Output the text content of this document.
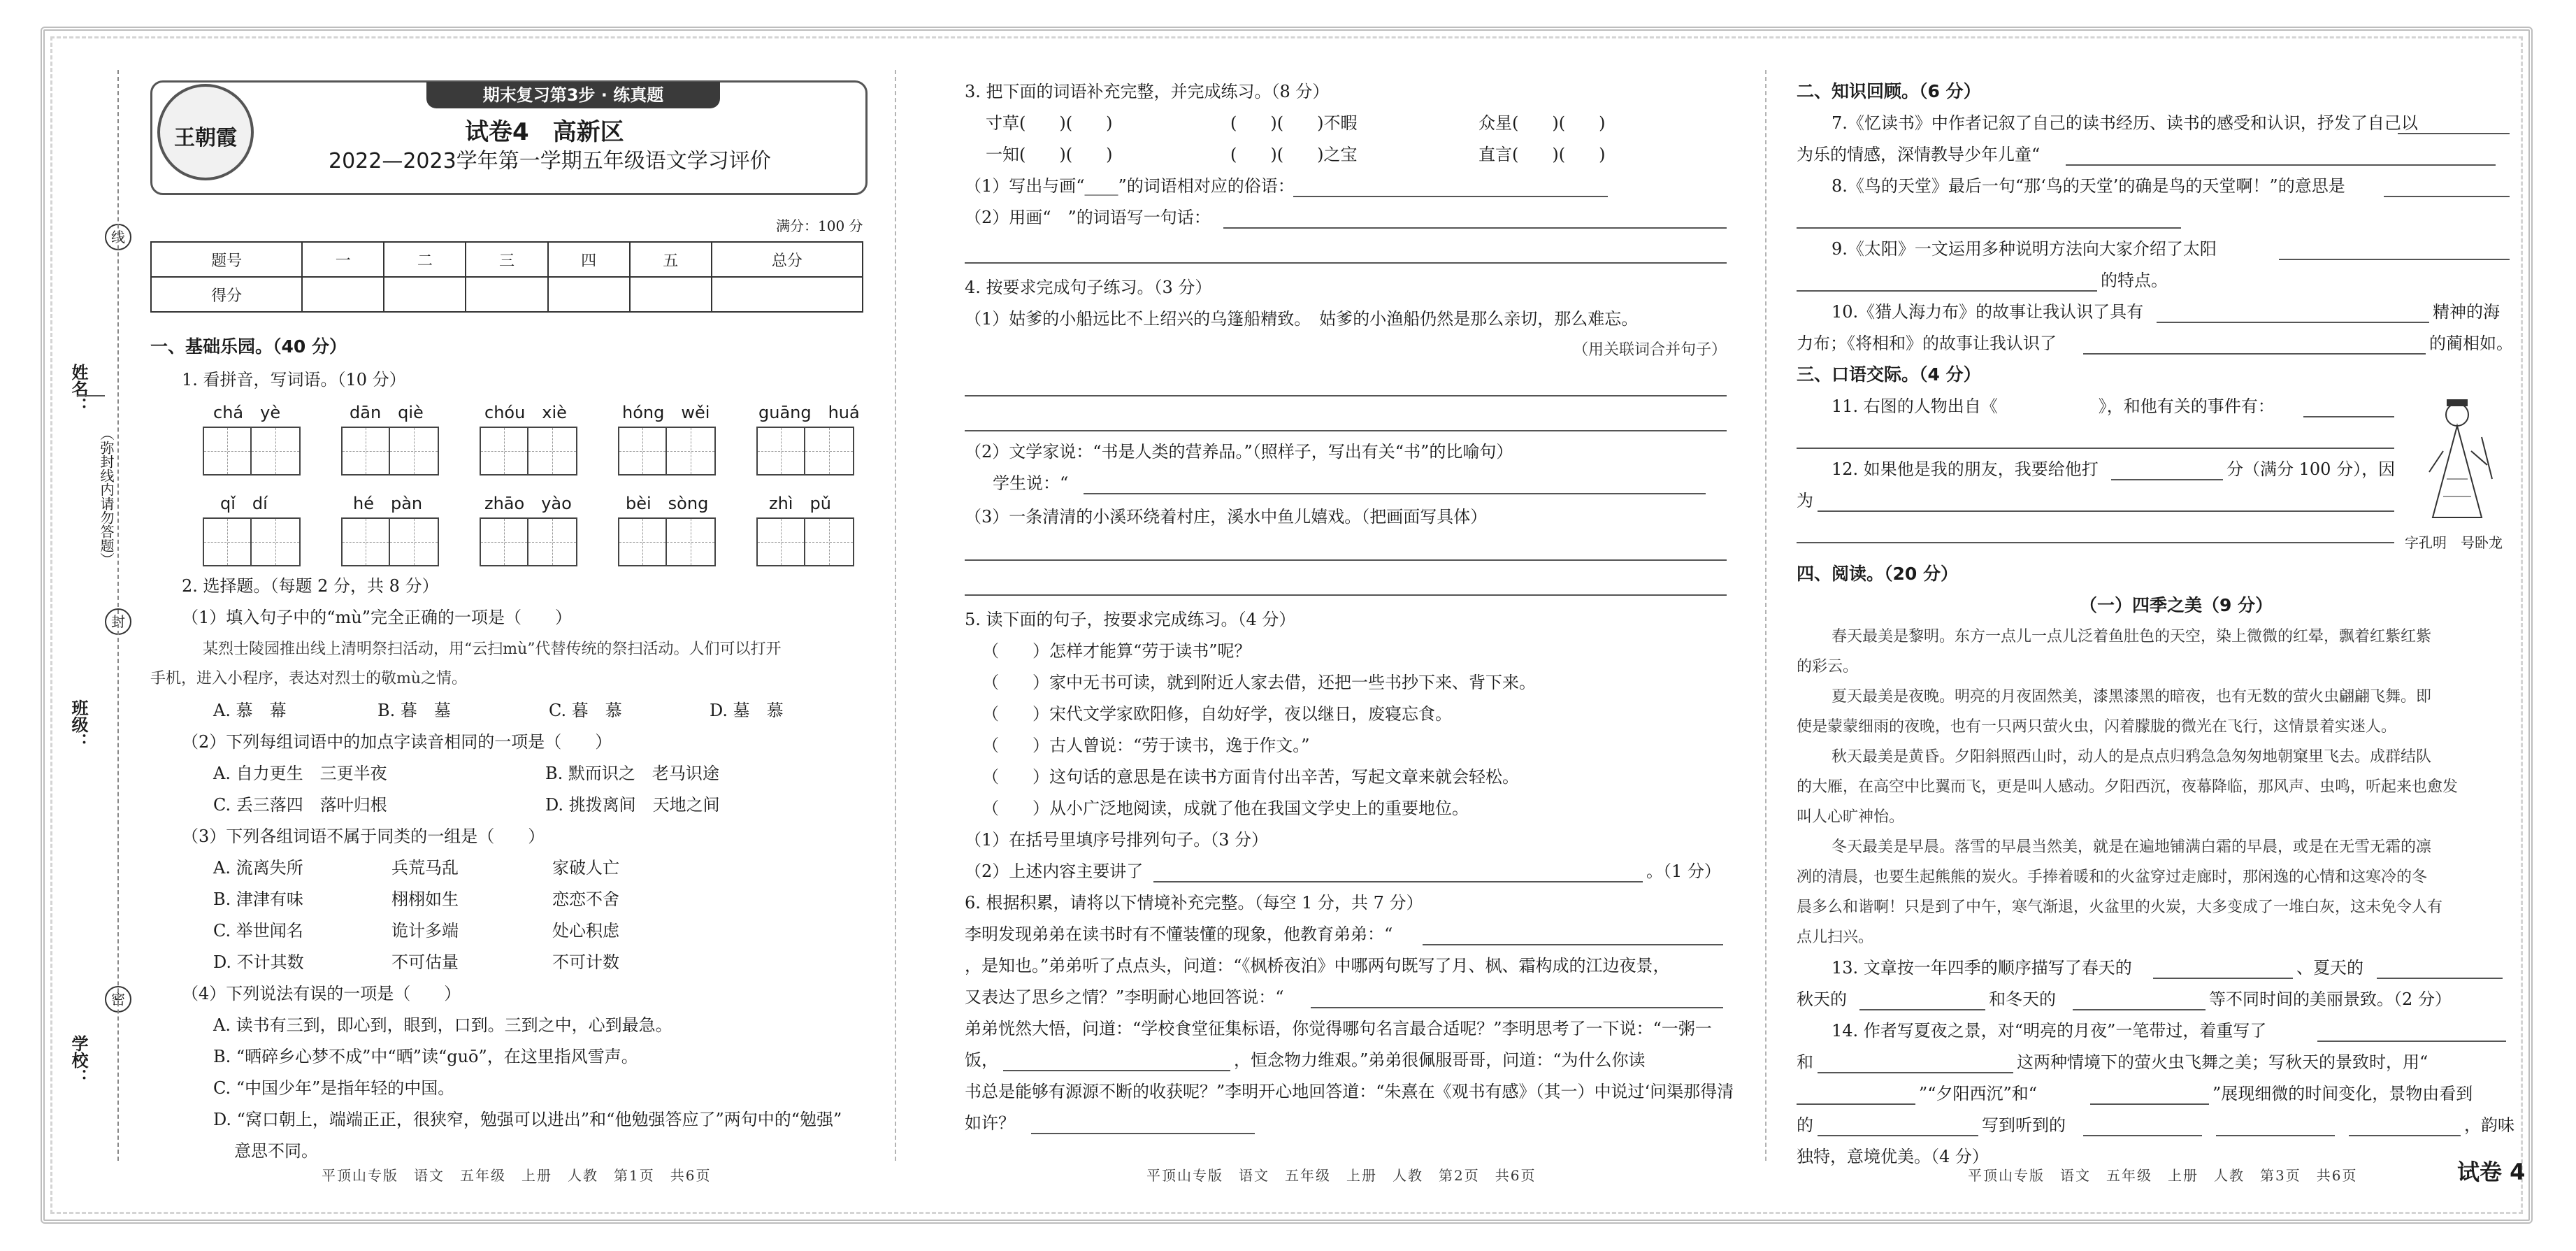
姓名：
班级：
学校：
（弥封线内请勿答题）
线
封
密
王朝霞
期末复习第3步 · 练真题
试卷4　高新区
2022—2023学年第一学期五年级语文学习评价
满分：100 分
题号	一	二	三	四	五	总分
得分						
一、基础乐园。（40 分）
1. 看拼音，写词语。（10 分）
chá　yè	dān　qiè	chóu　xiè	hóng　wěi	guāng　huá
qǐ　dí	hé　pàn	zhāo　yào	bèi　sòng	zhì　pǔ
2. 选择题。（每题 2 分，共 8 分）
（1）填入句子中的“mù”完全正确的一项是（　　）
某烈士陵园推出线上清明祭扫活动，用“云扫mù”代替传统的祭扫活动。人们可以打开
手机，进入小程序，表达对烈士的敬mù之情。
A. 慕　幕	B. 暮　墓	C. 暮　慕	D. 墓　慕
（2）下列每组词语中的加点字读音相同的一项是（　　）
A. 自力更生　三更半夜	B. 默而识之　老马识途
C. 丢三落四　落叶归根	D. 挑拨离间　天地之间
（3）下列各组词语不属于同类的一组是（　　）
A. 流离失所	兵荒马乱	家破人亡
B. 津津有味	栩栩如生	恋恋不舍
C. 举世闻名	诡计多端	处心积虑
D. 不计其数	不可估量	不可计数
（4）下列说法有误的一项是（　　）
A. 读书有三到，即心到，眼到，口到。三到之中，心到最急。
B. “晒碎乡心梦不成”中“晒”读“guō”，在这里指风雪声。
C. “中国少年”是指年轻的中国。
D. “窝口朝上，端端正正，很狭窄，勉强可以进出”和“他勉强答应了”两句中的“勉强”
意思不同。
平顶山专版　语文　五年级　上册　人教　第1页　共6页
3. 把下面的词语补充完整，并完成练习。（8 分）
寸草(　　)(　　)	(　　)(　　)不暇	众星(　　)(　　)
一知(　　)(　　)	(　　)(　　)之宝	直言(　　)(　　)
（1）写出与画“____”的词语相对应的俗语：
（2）用画“　”的词语写一句话：
4. 按要求完成句子练习。（3 分）
（1）姑爹的小船远比不上绍兴的乌篷船精致。　姑爹的小渔船仍然是那么亲切，那么难忘。
（用关联词合并句子）
（2）文学家说：“书是人类的营养品。”（照样子，写出有关“书”的比喻句）
学生说：“
（3）一条清清的小溪环绕着村庄，溪水中鱼儿嬉戏。（把画面写具体）
5. 读下面的句子，按要求完成练习。（4 分）
（　　）怎样才能算“劳于读书”呢？
（　　）家中无书可读，就到附近人家去借，还把一些书抄下来、背下来。
（　　）宋代文学家欧阳修，自幼好学，夜以继日，废寝忘食。
（　　）古人曾说：“劳于读书，逸于作文。”
（　　）这句话的意思是在读书方面肯付出辛苦，写起文章来就会轻松。
（　　）从小广泛地阅读，成就了他在我国文学史上的重要地位。
（1）在括号里填序号排列句子。（3 分）
（2）上述内容主要讲了	。（1 分）
6. 根据积累，请将以下情境补充完整。（每空 1 分，共 7 分）
李明发现弟弟在读书时有不懂装懂的现象，他教育弟弟：“
，是知也。”弟弟听了点点头，问道：“《枫桥夜泊》中哪两句既写了月、枫、霜构成的江边夜景，
又表达了思乡之情？”李明耐心地回答说：“
弟弟恍然大悟，问道：“学校食堂征集标语，你觉得哪句名言最合适呢？”李明思考了一下说：“一粥一
饭，	，恒念物力维艰。”弟弟很佩服哥哥，问道：“为什么你读
书总是能够有源源不断的收获呢？”李明开心地回答道：“朱熹在《观书有感》（其一）中说过‘问渠那得清
如许？
平顶山专版　语文　五年级　上册　人教　第2页　共6页
二、知识回顾。（6 分）
7.《忆读书》中作者记叙了自己的读书经历、读书的感受和认识，抒发了自己以
为乐的情感，深情教导少年儿童“
8.《鸟的天堂》最后一句“那‘鸟的天堂’的确是鸟的天堂啊！”的意思是
9.《太阳》一文运用多种说明方法向大家介绍了太阳
的特点。
10.《猎人海力布》的故事让我认识了具有	精神的海
力布；《将相和》的故事让我认识了	的蔺相如。
三、口语交际。（4 分）
11. 右图的人物出自《　　　　　　》，和他有关的事件有：
12. 如果他是我的朋友，我要给他打	分（满分 100 分），因
为
字孔明　号卧龙
四、阅读。（20 分）
（一）四季之美（9 分）
春天最美是黎明。东方一点儿一点儿泛着鱼肚色的天空，染上微微的红晕，飘着红紫红紫
的彩云。
夏天最美是夜晚。明亮的月夜固然美，漆黑漆黑的暗夜，也有无数的萤火虫翩翩飞舞。即
使是蒙蒙细雨的夜晚，也有一只两只萤火虫，闪着朦胧的微光在飞行，这情景着实迷人。
秋天最美是黄昏。夕阳斜照西山时，动人的是点点归鸦急急匆匆地朝窠里飞去。成群结队
的大雁，在高空中比翼而飞，更是叫人感动。夕阳西沉，夜幕降临，那风声、虫鸣，听起来也愈发
叫人心旷神怡。
冬天最美是早晨。落雪的早晨当然美，就是在遍地铺满白霜的早晨，或是在无雪无霜的凛
冽的清晨，也要生起熊熊的炭火。手捧着暖和的火盆穿过走廊时，那闲逸的心情和这寒冷的冬
晨多么和谐啊！只是到了中午，寒气渐退，火盆里的火炭，大多变成了一堆白灰，这未免令人有
点儿扫兴。
13. 文章按一年四季的顺序描写了春天的	、夏天的
秋天的	和冬天的	等不同时间的美丽景致。（2 分）
14. 作者写夏夜之景，对“明亮的月夜”一笔带过，着重写了
和	这两种情境下的萤火虫飞舞之美；写秋天的景致时，用“
”“夕阳西沉”和“	”展现细微的时间变化，景物由看到
的	写到听到的	，韵味
独特，意境优美。（4 分）
平顶山专版　语文　五年级　上册　人教　第3页　共6页	试卷 4
